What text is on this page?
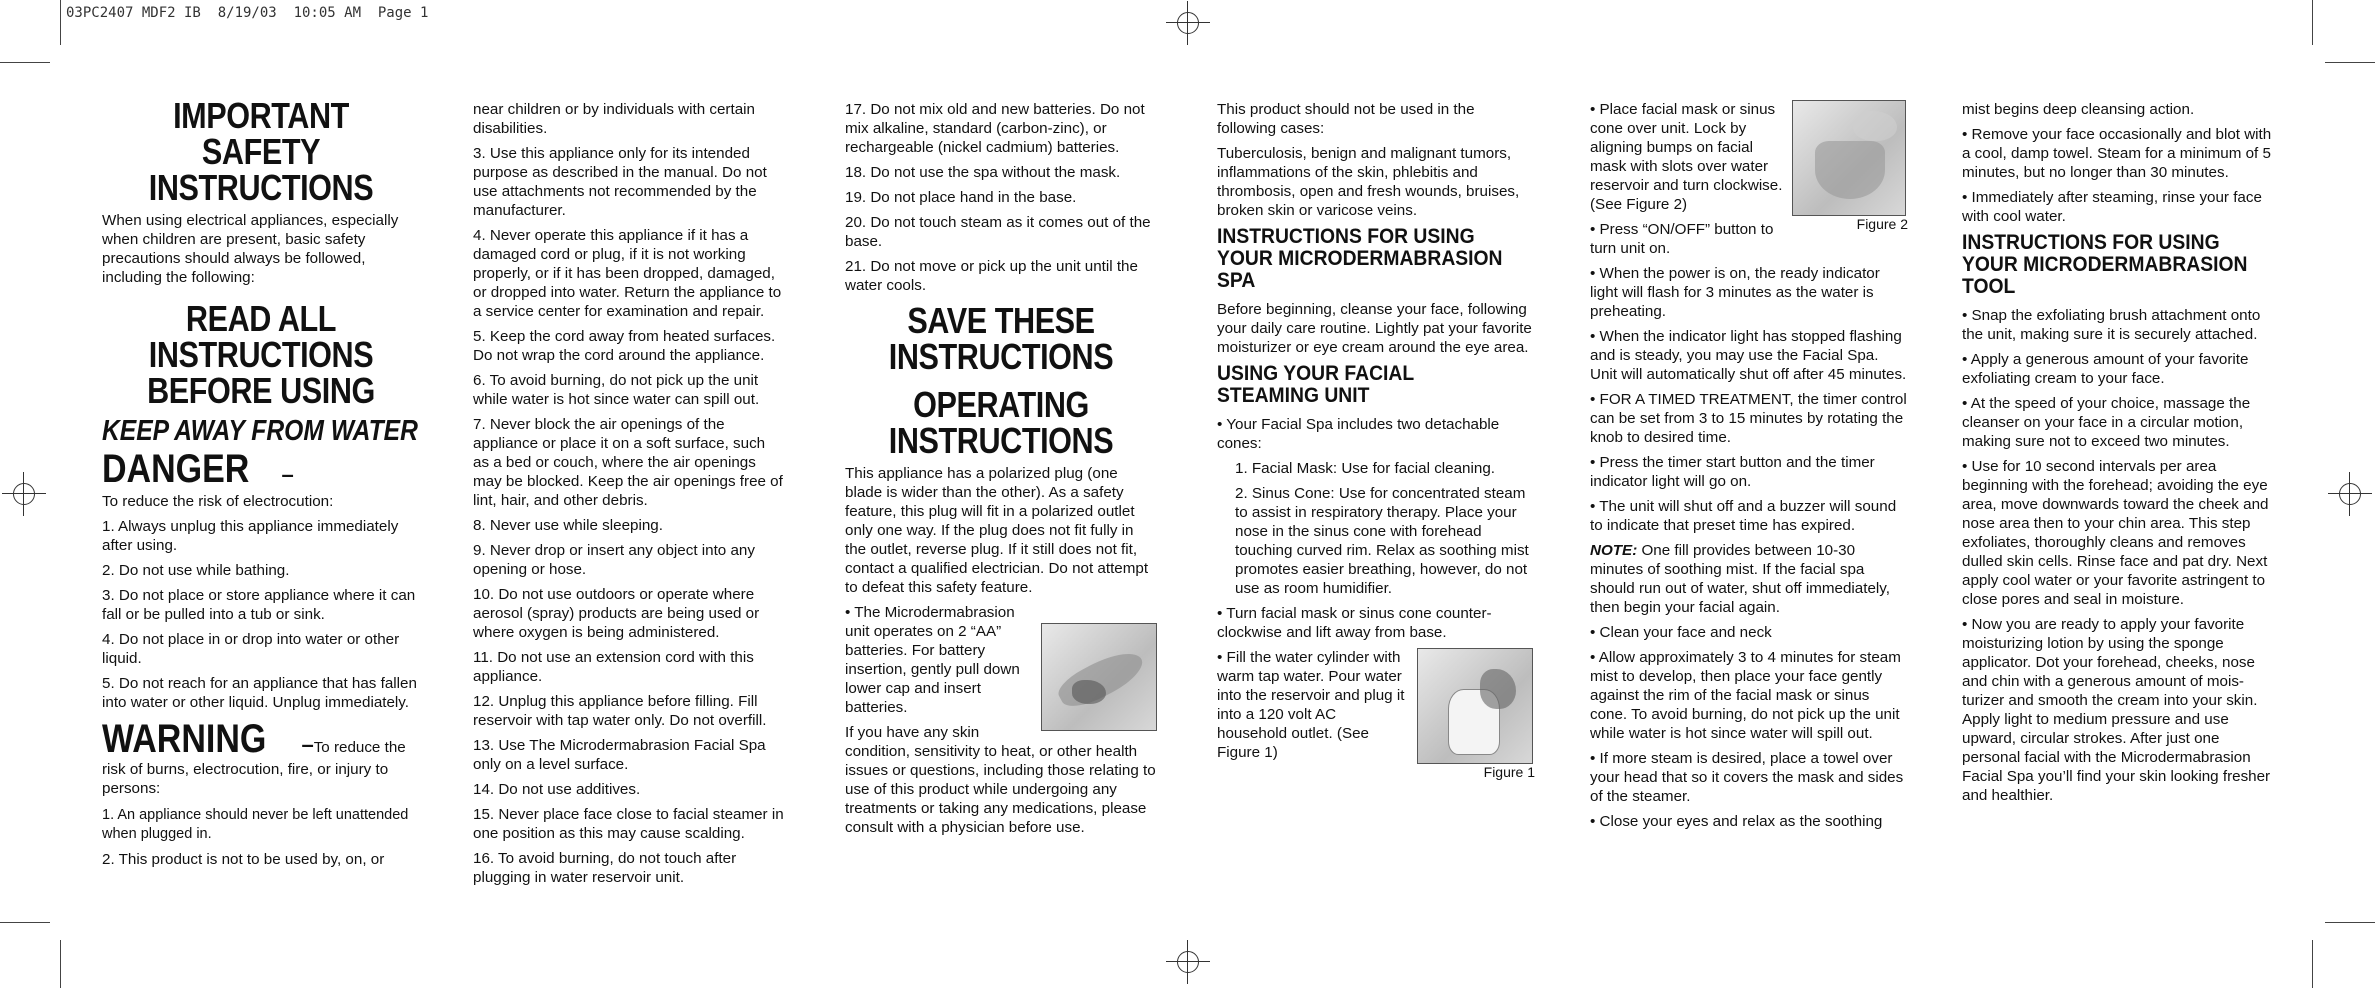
03PC2407 MDF2 IB  8/19/03  10:05 AM  Page 1
IMPORTANT SAFETY INSTRUCTIONS

When using electrical appliances, especially when children are present, basic safety precautions should always be followed, including the following:

READ ALL INSTRUCTIONS BEFORE USING
KEEP AWAY FROM WATER
DANGER –

To reduce the risk of electrocution:

1. Always unplug this appliance immediately after using.

2. Do not use while bathing.

3. Do not place or store appliance where it can fall or be pulled into a tub or sink.

4. Do not place in or drop into water or other liquid.

5. Do not reach for an appliance that has fallen into water or other liquid. Unplug immediately.

WARNING –To reduce the risk of burns, electrocution, fire, or injury to persons:

1. An appliance should never be left unattended when plugged in.

2. This product is not to be used by, on, or

near children or by individuals with certain disabilities.

3. Use this appliance only for its intended purpose as described in the manual. Do not use attachments not recommended by the manufacturer.

4. Never operate this appliance if it has a damaged cord or plug, if it is not working properly, or if it has been dropped, damaged, or dropped into water. Return the appliance to a service center for examination and repair.

5. Keep the cord away from heated surfaces. Do not wrap the cord around the appliance.

6. To avoid burning, do not pick up the unit while water is hot since water can spill out.

7. Never block the air openings of the appliance or place it on a soft surface, such as a bed or couch, where the air openings may be blocked. Keep the air openings free of lint, hair, and other debris.

8. Never use while sleeping.

9. Never drop or insert any object into any opening or hose.

10. Do not use outdoors or operate where aerosol (spray) products are being used or where oxygen is being administered.

11. Do not use an extension cord with this appliance.

12. Unplug this appliance before filling. Fill reservoir with tap water only. Do not overfill.

13. Use The Microdermabrasion Facial Spa only on a level surface.

14. Do not use additives.

15. Never place face close to facial steamer in one position as this may cause scalding.

16. To avoid burning, do not touch after plugging in water reservoir unit.

17. Do not mix old and new batteries. Do not mix alkaline, standard (carbon-zinc), or rechargeable (nickel cadmium) batteries.

18. Do not use the spa without the mask.

19. Do not place hand in the base.

20. Do not touch steam as it comes out of the base.

21. Do not move or pick up the unit until the water cools.

SAVE THESE INSTRUCTIONS
OPERATING INSTRUCTIONS

This appliance has a polarized plug (one blade is wider than the other). As a safety feature, this plug will fit in a polarized outlet only one way. If the plug does not fit fully in the outlet, reverse plug. If it still does not fit, contact a qualified electrician. Do not attempt to defeat this safety feature.

• The Microdermabrasion unit operates on 2 “AA” batteries. For battery insertion, gently pull down lower cap and insert batteries.

If you have any skin condition, sensitivity to heat, or other health issues or questions, including those relating to use of this product while undergoing any treatments or taking any medications, please consult with a physician before use.

This product should not be used in the following cases:

Tuberculosis, benign and malignant tumors, inflammations of the skin, phlebitis and thrombosis, open and fresh wounds, bruises, broken skin or varicose veins.

INSTRUCTIONS FOR USING YOUR MICRODERMABRASION SPA

Before beginning, cleanse your face, following your daily care routine. Lightly pat your favorite moisturizer or eye cream around the eye area.

USING YOUR FACIAL STEAMING UNIT

• Your Facial Spa includes two detachable cones:

1. Facial Mask: Use for facial cleaning.

2. Sinus Cone: Use for concentrated steam to assist in respiratory therapy. Place your nose in the sinus cone with forehead touching curved rim. Relax as soothing mist promotes easier breathing, however, do not use as room humidifier.

• Turn facial mask or sinus cone counter-clockwise and lift away from base.

Figure 1

• Fill the water cylinder with warm tap water. Pour water into the reservoir and plug it into a 120 volt AC household outlet. (See Figure 1)

Figure 2

• Place facial mask or sinus cone over unit. Lock by aligning bumps on facial mask with slots over water reservoir and turn clockwise. (See Figure 2)

• Press “ON/OFF” button to turn unit on.

• When the power is on, the ready indicator light will flash for 3 minutes as the water is preheating.

• When the indicator light has stopped flashing and is steady, you may use the Facial Spa. Unit will automatically shut off after 45 minutes.

• FOR A TIMED TREATMENT, the timer control can be set from 3 to 15 minutes by rotating the knob to desired time.

• Press the timer start button and the timer indicator light will go on.

• The unit will shut off and a buzzer will sound to indicate that preset time has expired.

NOTE: One fill provides between 10-30 minutes of soothing mist. If the facial spa should run out of water, shut off immediately, then begin your facial again.

• Clean your face and neck

• Allow approximately 3 to 4 minutes for steam mist to develop, then place your face gently against the rim of the facial mask or sinus cone. To avoid burning, do not pick up the unit while water is hot since water will spill out.

• If more steam is desired, place a towel over your head that so it covers the mask and sides of the steamer.

• Close your eyes and relax as the soothing

mist begins deep cleansing action.

• Remove your face occasionally and blot with a cool, damp towel. Steam for a minimum of 5 minutes, but no longer than 30 minutes.

• Immediately after steaming, rinse your face with cool water.

INSTRUCTIONS FOR USING YOUR MICRODERMABRASION TOOL

• Snap the exfoliating brush attachment onto the unit, making sure it is securely attached.

• Apply a generous amount of your favorite exfoliating cream to your face.

• At the speed of your choice, massage the cleanser on your face in a circular motion, making sure not to exceed two minutes.

• Use for 10 second intervals per area beginning with the forehead; avoiding the eye area, move downwards toward the cheek and nose area then to your chin area. This step exfoliates, thoroughly cleans and removes dulled skin cells. Rinse face and pat dry. Next apply cool water or your favorite astringent to close pores and seal in moisture.

• Now you are ready to apply your favorite moisturizing lotion by using the sponge applicator. Dot your forehead, cheeks, nose and chin with a generous amount of mois-turizer and smooth the cream into your skin. Apply light to medium pressure and use upward, circular strokes. After just one personal facial with the Microdermabrasion Facial Spa you’ll find your skin looking fresher and healthier.
